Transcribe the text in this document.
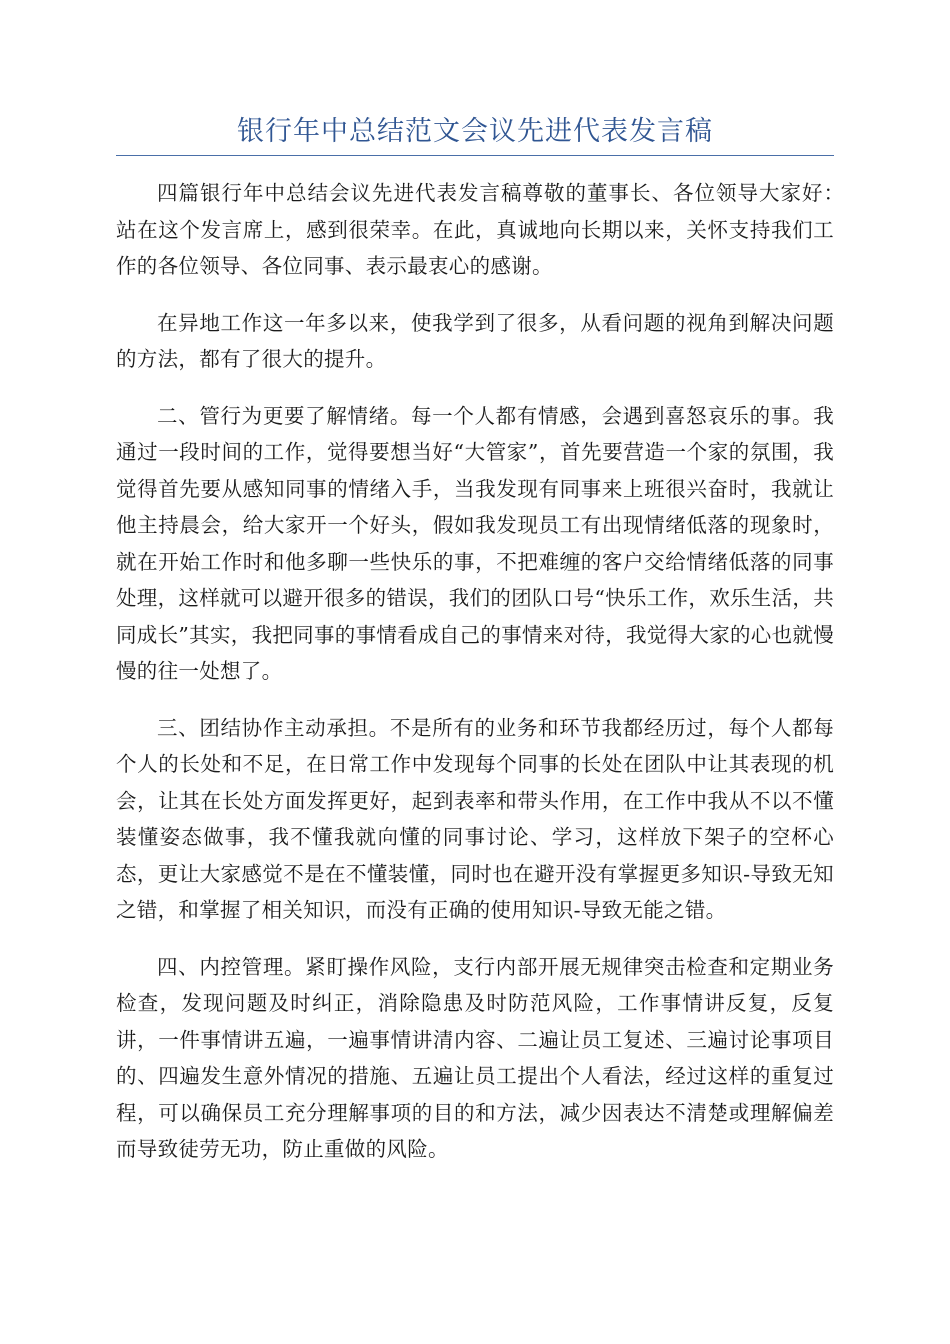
银行年中总结范文会议先进代表发言稿

四篇银行年中总结会议先进代表发言稿尊敬的董事长、各位领导大家好：　站在这个发言席上，感到很荣幸。在此，真诚地向长期以来，关怀支持我们工作的各位领导、各位同事、表示最衷心的感谢。

在异地工作这一年多以来，使我学到了很多，从看问题的视角到解决问题的方法，都有了很大的提升。

二、管行为更要了解情绪。每一个人都有情感，会遇到喜怒哀乐的事。我通过一段时间的工作，觉得要想当好“大管家”，首先要营造一个家的氛围，我觉得首先要从感知同事的情绪入手，当我发现有同事来上班很兴奋时，我就让他主持晨会，给大家开一个好头，假如我发现员工有出现情绪低落的现象时，就在开始工作时和他多聊一些快乐的事，不把难缠的客户交给情绪低落的同事处理，这样就可以避开很多的错误，我们的团队口号“快乐工作，欢乐生活，共同成长”其实，我把同事的事情看成自己的事情来对待，我觉得大家的心也就慢慢的往一处想了。

三、团结协作主动承担。不是所有的业务和环节我都经历过，每个人都每个人的长处和不足，在日常工作中发现每个同事的长处在团队中让其表现的机会，让其在长处方面发挥更好，起到表率和带头作用，在工作中我从不以不懂装懂姿态做事，我不懂我就向懂的同事讨论、学习，这样放下架子的空杯心态，更让大家感觉不是在不懂装懂，同时也在避开没有掌握更多知识-导致无知之错，和掌握了相关知识，而没有正确的使用知识-导致无能之错。

四、内控管理。紧盯操作风险，支行内部开展无规律突击检查和定期业务检查，发现问题及时纠正，消除隐患及时防范风险，工作事情讲反复，反复讲，一件事情讲五遍，一遍事情讲清内容、二遍让员工复述、三遍讨论事项目的、四遍发生意外情况的措施、五遍让员工提出个人看法，经过这样的重复过程，可以确保员工充分理解事项的目的和方法，减少因表达不清楚或理解偏差而导致徒劳无功，防止重做的风险。
